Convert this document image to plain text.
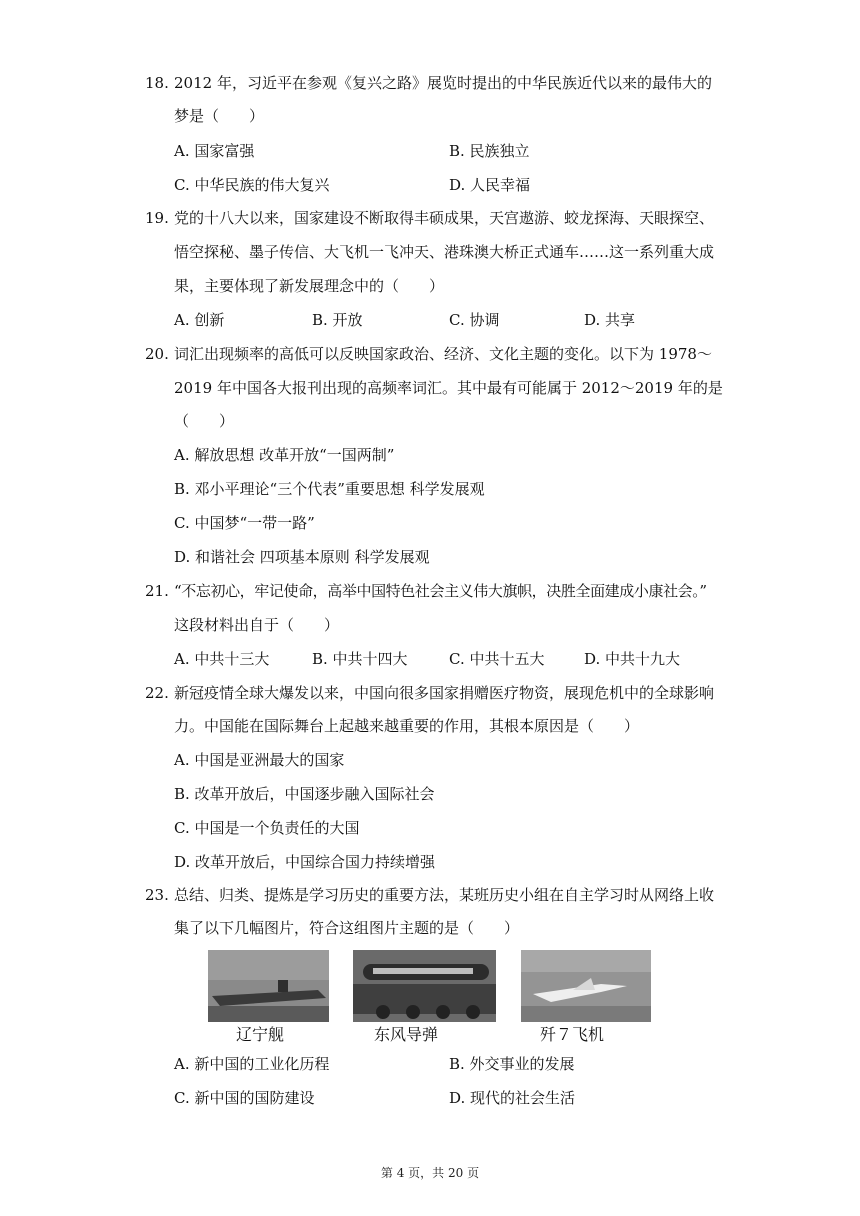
18. 2012 年，习近平在参观《复兴之路》展览时提出的中华民族近代以来的最伟大的
梦是（　　）
A. 国家富强	B. 民族独立
C. 中华民族的伟大复兴	D. 人民幸福
19. 党的十八大以来，国家建设不断取得丰硕成果，天宫遨游、蛟龙探海、天眼探空、
悟空探秘、墨子传信、大飞机一飞冲天、港珠澳大桥正式通车……这一系列重大成
果，主要体现了新发展理念中的（　　）
A. 创新	B. 开放	C. 协调	D. 共享
20. 词汇出现频率的高低可以反映国家政治、经济、文化主题的变化。以下为 1978～
2019 年中国各大报刊出现的高频率词汇。其中最有可能属于 2012～2019 年的是
（　　）
A. 解放思想 改革开放“一国两制”
B. 邓小平理论“三个代表”重要思想 科学发展观
C. 中国梦“一带一路”
D. 和谐社会 四项基本原则 科学发展观
21. “不忘初心，牢记使命，高举中国特色社会主义伟大旗帜，决胜全面建成小康社会。”
这段材料出自于（　　）
A. 中共十三大	B. 中共十四大	C. 中共十五大	D. 中共十九大
22. 新冠疫情全球大爆发以来，中国向很多国家捐赠医疗物资，展现危机中的全球影响
力。中国能在国际舞台上起越来越重要的作用，其根本原因是（　　）
A. 中国是亚洲最大的国家
B. 改革开放后，中国逐步融入国际社会
C. 中国是一个负责任的大国
D. 改革开放后，中国综合国力持续增强
23. 总结、归类、提炼是学习历史的重要方法，某班历史小组在自主学习时从网络上收
集了以下几幅图片，符合这组图片主题的是（　　）
辽宁舰	东风导弹	歼７飞机
A. 新中国的工业化历程	B. 外交事业的发展
C. 新中国的国防建设	D. 现代的社会生活
第 4 页，共 20 页
